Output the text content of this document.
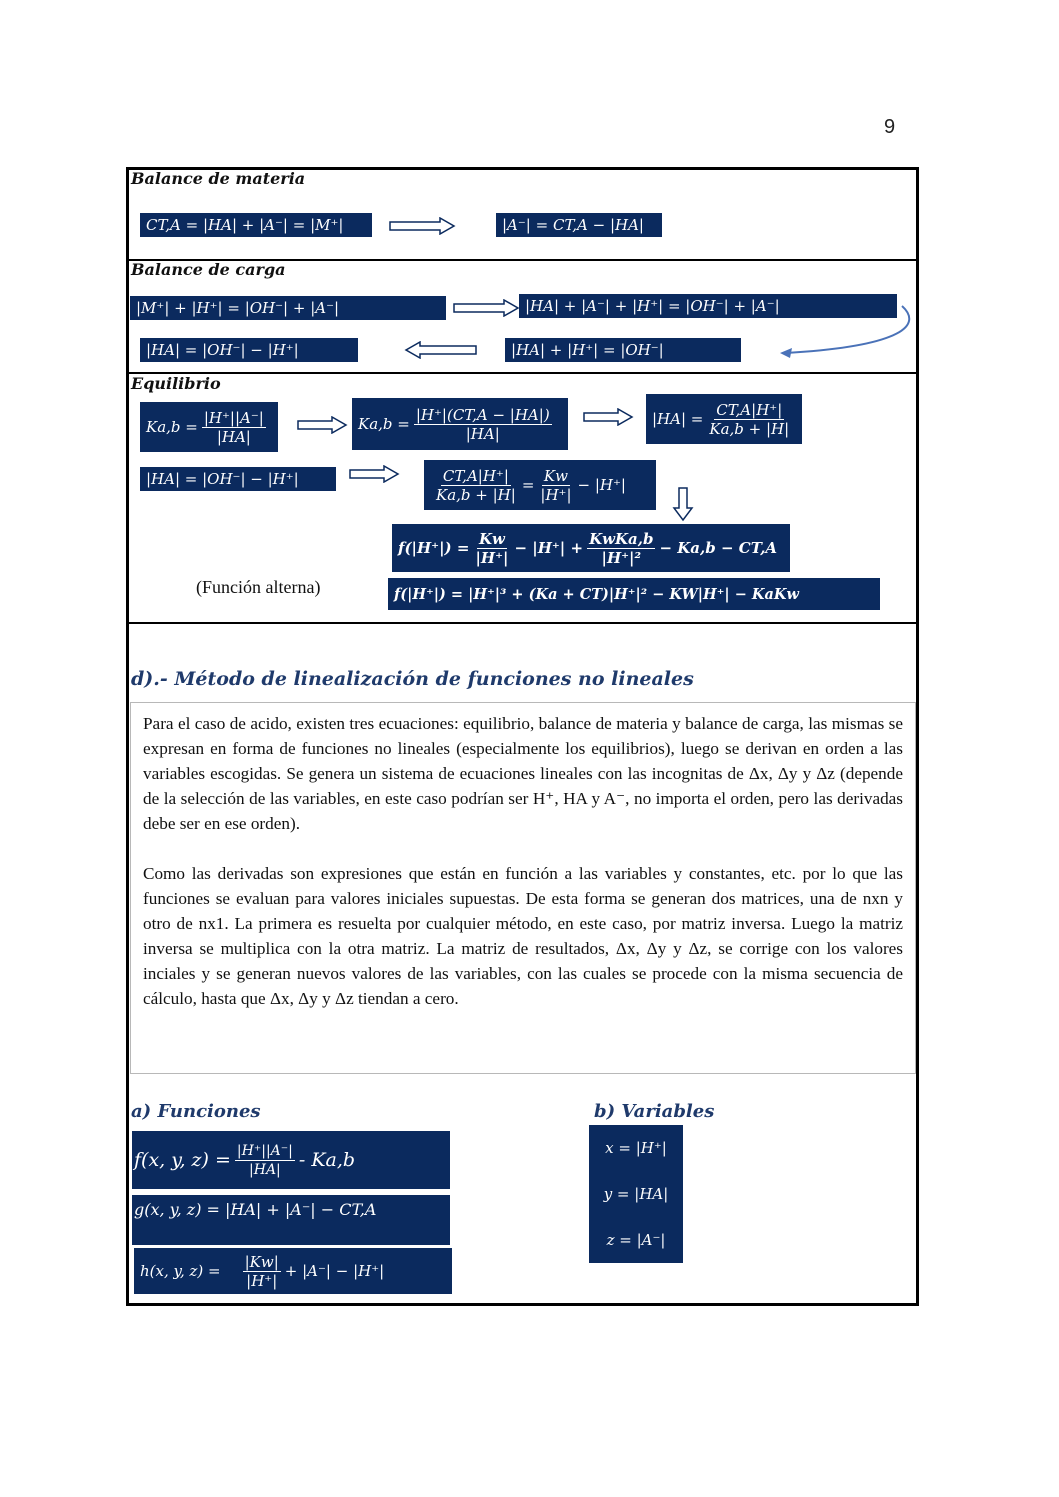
9
Balance de materia
CT,A = |HA| + |A⁻| = |M⁺|	|A⁻| = CT,A − |HA|
Balance de carga
|M⁺| + |H⁺| = |OH⁻| + |A⁻|	|HA| + |A⁻| + |H⁺| = |OH⁻| + |A⁻|
|HA| = |OH⁻| − |H⁺|	|HA| + |H⁺| = |OH⁻|
Equilibrio
$Ka,b = \frac{|H^+||A^-|}{|HA|}$	$Ka,b = \frac{|H^+|(CT,A - |HA|)}{|HA|}$	$|HA| = \frac{CT,A|H^+|}{Ka,b + |H|}$
|HA| = |OH⁻| − |H⁺|	$\frac{CT,A|H^+|}{Ka,b + |H|} = \frac{Kw}{|H^+|} - |H^+|$
$f(|H^+|) = \frac{Kw}{|H^+|} - |H^+| + \frac{\text{KwKa,b}}{\text{|H⁺|²}} - Ka,b - CT,A$
(Función alterna)	f(|H⁺|) = |H⁺|³ + (Ka + CT)|H⁺|² − KW|H⁺| − KaKw
d).- Método de linealización de funciones no lineales

Para el caso de acido, existen tres ecuaciones: equilibrio, balance de materia y balance de carga, las mismas se expresan en forma de funciones no lineales (especialmente los equilibrios), luego se derivan en orden a las variables escogidas. Se genera un sistema de ecuaciones lineales con las incognitas de Δx, Δy y Δz (depende de la selección de las variables, en este caso podrían ser H⁺, HA y A⁻, no importa el orden, pero las derivadas debe ser en ese orden).

Como las derivadas son expresiones que están en función a las variables y constantes, etc. por lo que las funciones se evaluan para valores iniciales supuestas. De esta forma se generan dos matrices, una de nxn y otro de nx1. La primera es resuelta por cualquier método, en este caso, por matriz inversa. Luego la matriz inversa se multiplica con la otra matriz. La matriz de resultados, Δx, Δy y Δz, se corrige con los valores inciales y se generan nuevos valores de las variables, con las cuales se procede con la misma secuencia de cálculo, hasta que Δx, Δy y Δz tiendan a cero.

a) Funciones
f(x, y, $z) = \frac{|H^+||A^-|}{|HA|} - Ka,b$
g(x, y, z) = |HA| + |A⁻| − CT,A
h(x, y, $z) = \frac{|Kw|}{|H^+|} + |A^-| - |H^+|$
b) Variables
x = |H⁺|
y = |HA|
z = |A⁻|
